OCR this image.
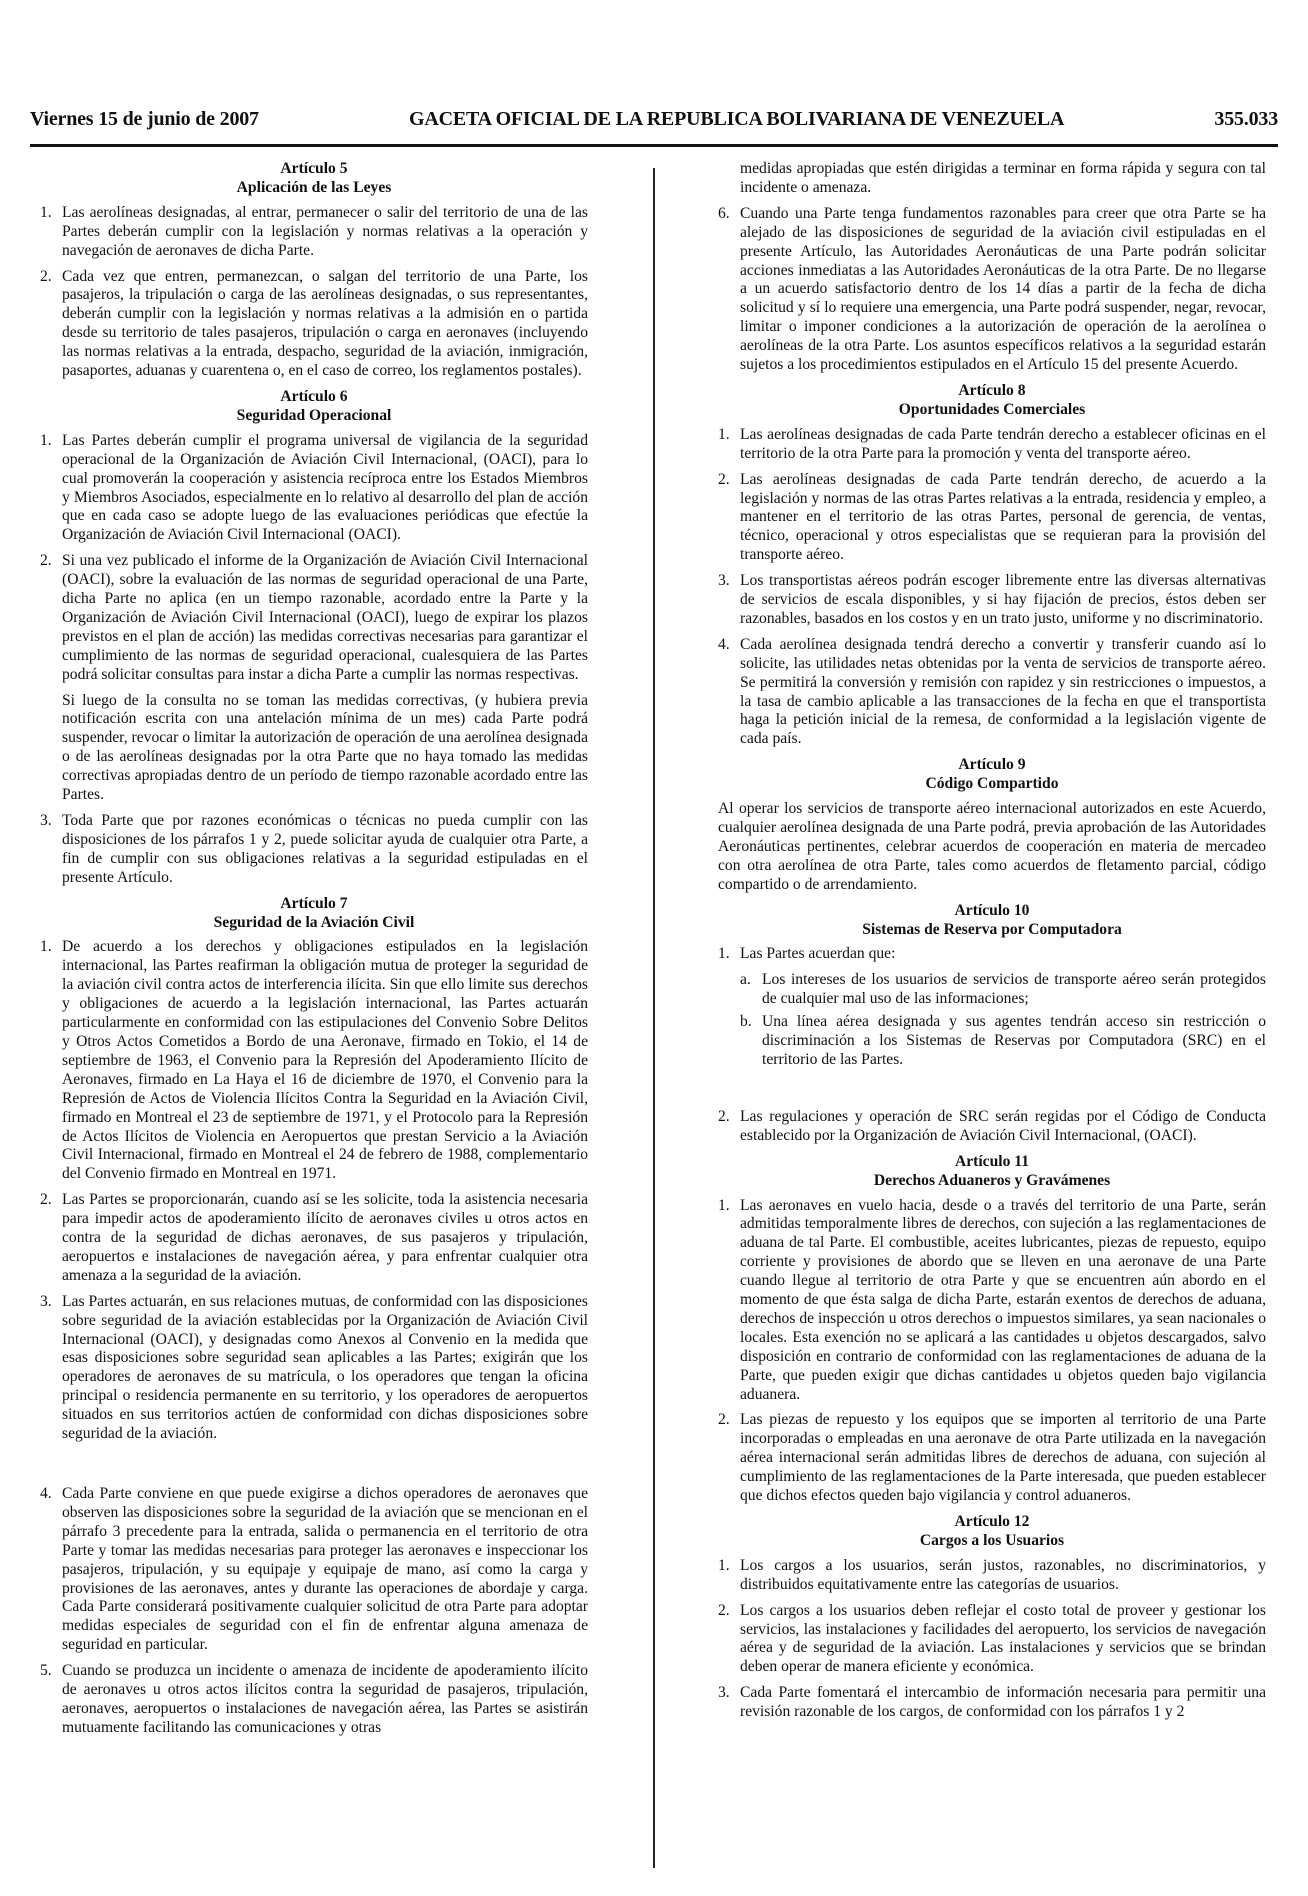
Viernes 15 de junio de 2007	GACETA OFICIAL DE LA REPUBLICA BOLIVARIANA DE VENEZUELA	355.033
Artículo 5
Aplicación de las Leyes
1. Las aerolíneas designadas, al entrar, permanecer o salir del territorio de una de las Partes deberán cumplir con la legislación y normas relativas a la operación y navegación de aeronaves de dicha Parte.
2. Cada vez que entren, permanezcan, o salgan del territorio de una Parte, los pasajeros, la tripulación o carga de las aerolíneas designadas, o sus representantes, deberán cumplir con la legislación y normas relativas a la admisión en o partida desde su territorio de tales pasajeros, tripulación o carga en aeronaves (incluyendo las normas relativas a la entrada, despacho, seguridad de la aviación, inmigración, pasaportes, aduanas y cuarentena o, en el caso de correo, los reglamentos postales).
Artículo 6
Seguridad Operacional
1. Las Partes deberán cumplir el programa universal de vigilancia de la seguridad operacional de la Organización de Aviación Civil Internacional, (OACI), para lo cual promoverán la cooperación y asistencia recíproca entre los Estados Miembros y Miembros Asociados, especialmente en lo relativo al desarrollo del plan de acción que en cada caso se adopte luego de las evaluaciones periódicas que efectúe la Organización de Aviación Civil Internacional (OACI).
2. Si una vez publicado el informe de la Organización de Aviación Civil Internacional (OACI), sobre la evaluación de las normas de seguridad operacional de una Parte, dicha Parte no aplica (en un tiempo razonable, acordado entre la Parte y la Organización de Aviación Civil Internacional (OACI), luego de expirar los plazos previstos en el plan de acción) las medidas correctivas necesarias para garantizar el cumplimiento de las normas de seguridad operacional, cualesquiera de las Partes podrá solicitar consultas para instar a dicha Parte a cumplir las normas respectivas.
Si luego de la consulta no se toman las medidas correctivas, (y hubiera previa notificación escrita con una antelación mínima de un mes) cada Parte podrá suspender, revocar o limitar la autorización de operación de una aerolínea designada o de las aerolíneas designadas por la otra Parte que no haya tomado las medidas correctivas apropiadas dentro de un período de tiempo razonable acordado entre las Partes.
3. Toda Parte que por razones económicas o técnicas no pueda cumplir con las disposiciones de los párrafos 1 y 2, puede solicitar ayuda de cualquier otra Parte, a fin de cumplir con sus obligaciones relativas a la seguridad estipuladas en el presente Artículo.
Artículo 7
Seguridad de la Aviación Civil
1. De acuerdo a los derechos y obligaciones estipulados en la legislación internacional, las Partes reafirman la obligación mutua de proteger la seguridad de la aviación civil contra actos de interferencia ilícita. Sin que ello limite sus derechos y obligaciones de acuerdo a la legislación internacional, las Partes actuarán particularmente en conformidad con las estipulaciones del Convenio Sobre Delitos y Otros Actos Cometidos a Bordo de una Aeronave, firmado en Tokio, el 14 de septiembre de 1963, el Convenio para la Represión del Apoderamiento Ilícito de Aeronaves, firmado en La Haya el 16 de diciembre de 1970, el Convenio para la Represión de Actos de Violencia Ilícitos Contra la Seguridad en la Aviación Civil, firmado en Montreal el 23 de septiembre de 1971, y el Protocolo para la Represión de Actos Ilícitos de Violencia en Aeropuertos que prestan Servicio a la Aviación Civil Internacional, firmado en Montreal el 24 de febrero de 1988, complementario del Convenio firmado en Montreal en 1971.
2. Las Partes se proporcionarán, cuando así se les solicite, toda la asistencia necesaria para impedir actos de apoderamiento ilícito de aeronaves civiles u otros actos en contra de la seguridad de dichas aeronaves, de sus pasajeros y tripulación, aeropuertos e instalaciones de navegación aérea, y para enfrentar cualquier otra amenaza a la seguridad de la aviación.
3. Las Partes actuarán, en sus relaciones mutuas, de conformidad con las disposiciones sobre seguridad de la aviación establecidas por la Organización de Aviación Civil Internacional (OACI), y designadas como Anexos al Convenio en la medida que esas disposiciones sobre seguridad sean aplicables a las Partes; exigirán que los operadores de aeronaves de su matrícula, o los operadores que tengan la oficina principal o residencia permanente en su territorio, y los operadores de aeropuertos situados en sus territorios actúen de conformidad con dichas disposiciones sobre seguridad de la aviación.
4. Cada Parte conviene en que puede exigirse a dichos operadores de aeronaves que observen las disposiciones sobre la seguridad de la aviación que se mencionan en el párrafo 3 precedente para la entrada, salida o permanencia en el territorio de otra Parte y tomar las medidas necesarias para proteger las aeronaves e inspeccionar los pasajeros, tripulación, y su equipaje y equipaje de mano, así como la carga y provisiones de las aeronaves, antes y durante las operaciones de abordaje y carga. Cada Parte considerará positivamente cualquier solicitud de otra Parte para adoptar medidas especiales de seguridad con el fin de enfrentar alguna amenaza de seguridad en particular.
5. Cuando se produzca un incidente o amenaza de incidente de apoderamiento ilícito de aeronaves u otros actos ilícitos contra la seguridad de pasajeros, tripulación, aeronaves, aeropuertos o instalaciones de navegación aérea, las Partes se asistirán mutuamente facilitando las comunicaciones y otras
medidas apropiadas que estén dirigidas a terminar en forma rápida y segura con tal incidente o amenaza.
6. Cuando una Parte tenga fundamentos razonables para creer que otra Parte se ha alejado de las disposiciones de seguridad de la aviación civil estipuladas en el presente Artículo, las Autoridades Aeronáuticas de una Parte podrán solicitar acciones inmediatas a las Autoridades Aeronáuticas de la otra Parte. De no llegarse a un acuerdo satisfactorio dentro de los 14 días a partir de la fecha de dicha solicitud y sí lo requiere una emergencia, una Parte podrá suspender, negar, revocar, limitar o imponer condiciones a la autorización de operación de la aerolínea o aerolíneas de la otra Parte. Los asuntos específicos relativos a la seguridad estarán sujetos a los procedimientos estipulados en el Artículo 15 del presente Acuerdo.
Artículo 8
Oportunidades Comerciales
1. Las aerolíneas designadas de cada Parte tendrán derecho a establecer oficinas en el territorio de la otra Parte para la promoción y venta del transporte aéreo.
2. Las aerolíneas designadas de cada Parte tendrán derecho, de acuerdo a la legislación y normas de las otras Partes relativas a la entrada, residencia y empleo, a mantener en el territorio de las otras Partes, personal de gerencia, de ventas, técnico, operacional y otros especialistas que se requieran para la provisión del transporte aéreo.
3. Los transportistas aéreos podrán escoger libremente entre las diversas alternativas de servicios de escala disponibles, y si hay fijación de precios, éstos deben ser razonables, basados en los costos y en un trato justo, uniforme y no discriminatorio.
4. Cada aerolínea designada tendrá derecho a convertir y transferir cuando así lo solicite, las utilidades netas obtenidas por la venta de servicios de transporte aéreo. Se permitirá la conversión y remisión con rapidez y sin restricciones o impuestos, a la tasa de cambio aplicable a las transacciones de la fecha en que el transportista haga la petición inicial de la remesa, de conformidad a la legislación vigente de cada país.
Artículo 9
Código Compartido
Al operar los servicios de transporte aéreo internacional autorizados en este Acuerdo, cualquier aerolínea designada de una Parte podrá, previa aprobación de las Autoridades Aeronáuticas pertinentes, celebrar acuerdos de cooperación en materia de mercadeo con otra aerolínea de otra Parte, tales como acuerdos de fletamento parcial, código compartido o de arrendamiento.
Artículo 10
Sistemas de Reserva por Computadora
1. Las Partes acuerdan que:
a. Los intereses de los usuarios de servicios de transporte aéreo serán protegidos de cualquier mal uso de las informaciones;
b. Una línea aérea designada y sus agentes tendrán acceso sin restricción o discriminación a los Sistemas de Reservas por Computadora (SRC) en el territorio de las Partes.
2. Las regulaciones y operación de SRC serán regidas por el Código de Conducta establecido por la Organización de Aviación Civil Internacional, (OACI).
Artículo 11
Derechos Aduaneros y Gravámenes
1. Las aeronaves en vuelo hacia, desde o a través del territorio de una Parte, serán admitidas temporalmente libres de derechos, con sujeción a las reglamentaciones de aduana de tal Parte. El combustible, aceites lubricantes, piezas de repuesto, equipo corriente y provisiones de abordo que se lleven en una aeronave de una Parte cuando llegue al territorio de otra Parte y que se encuentren aún abordo en el momento de que ésta salga de dicha Parte, estarán exentos de derechos de aduana, derechos de inspección u otros derechos o impuestos similares, ya sean nacionales o locales. Esta exención no se aplicará a las cantidades u objetos descargados, salvo disposición en contrario de conformidad con las reglamentaciones de aduana de la Parte, que pueden exigir que dichas cantidades u objetos queden bajo vigilancia aduanera.
2. Las piezas de repuesto y los equipos que se importen al territorio de una Parte incorporadas o empleadas en una aeronave de otra Parte utilizada en la navegación aérea internacional serán admitidas libres de derechos de aduana, con sujeción al cumplimiento de las reglamentaciones de la Parte interesada, que pueden establecer que dichos efectos queden bajo vigilancia y control aduaneros.
Artículo 12
Cargos a los Usuarios
1. Los cargos a los usuarios, serán justos, razonables, no discriminatorios, y distribuidos equitativamente entre las categorías de usuarios.
2. Los cargos a los usuarios deben reflejar el costo total de proveer y gestionar los servicios, las instalaciones y facilidades del aeropuerto, los servicios de navegación aérea y de seguridad de la aviación. Las instalaciones y servicios que se brindan deben operar de manera eficiente y económica.
3. Cada Parte fomentará el intercambio de información necesaria para permitir una revisión razonable de los cargos, de conformidad con los párrafos 1 y 2
